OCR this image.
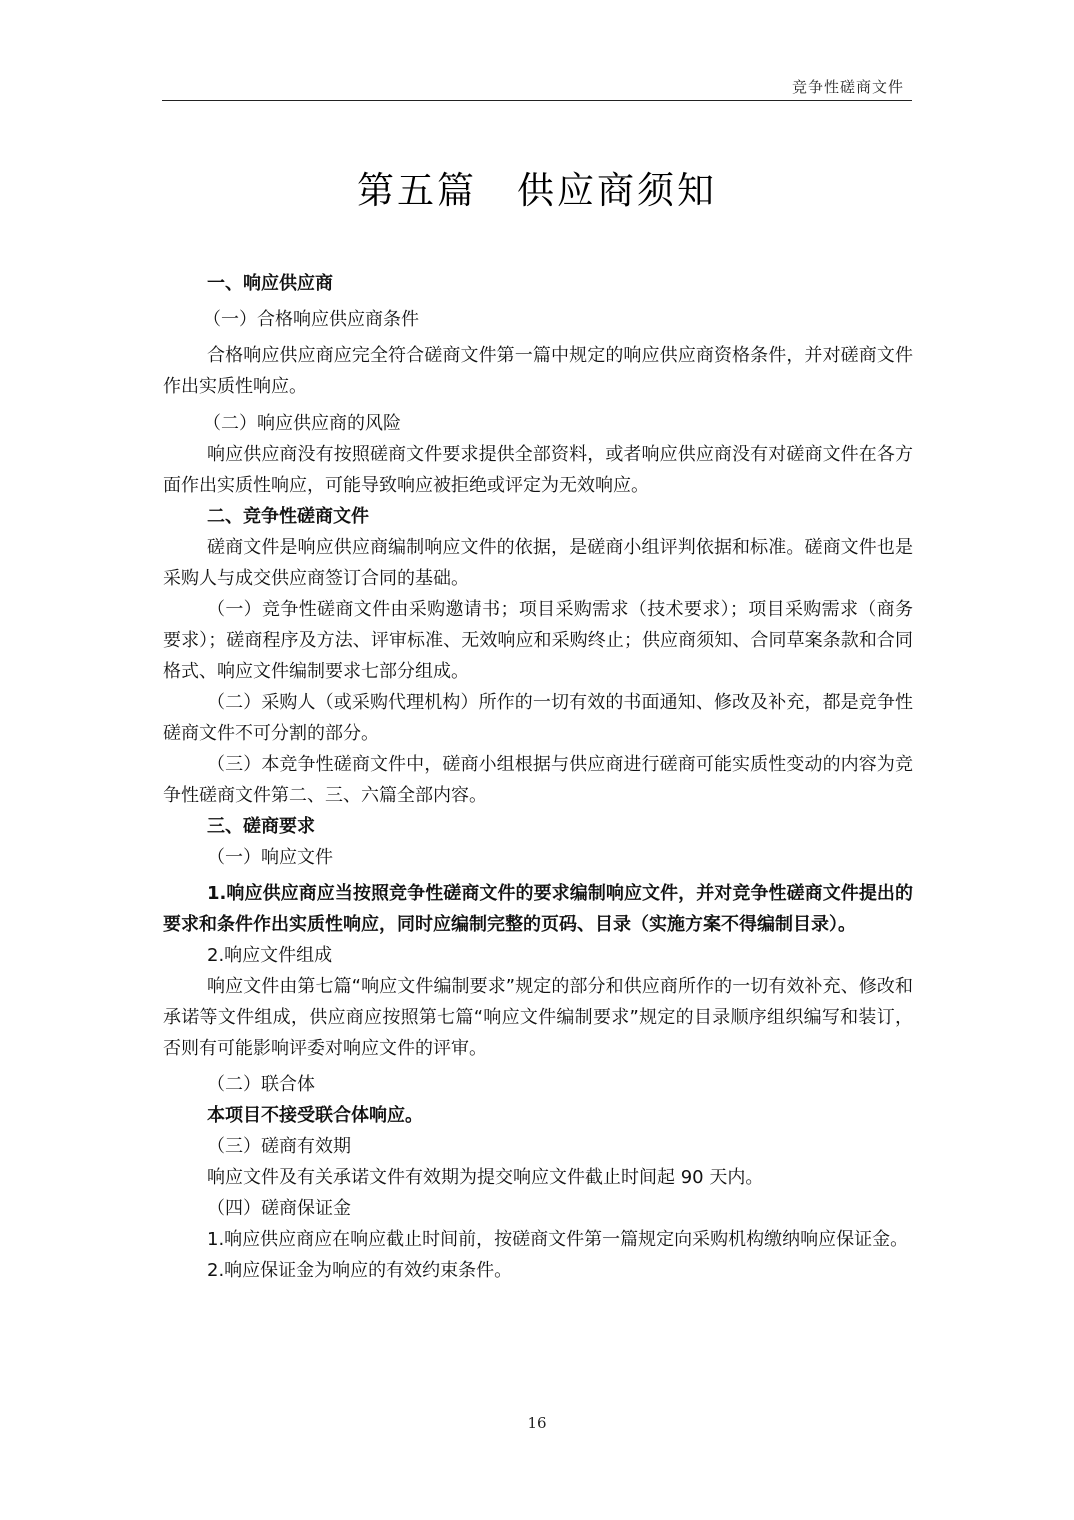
竞争性磋商文件
第五篇　供应商须知

一、响应供应商

（一）合格响应供应商条件

合格响应供应商应完全符合磋商文件第一篇中规定的响应供应商资格条件，并对磋商文件作出实质性响应。

（二）响应供应商的风险

响应供应商没有按照磋商文件要求提供全部资料，或者响应供应商没有对磋商文件在各方面作出实质性响应，可能导致响应被拒绝或评定为无效响应。

二、竞争性磋商文件

磋商文件是响应供应商编制响应文件的依据，是磋商小组评判依据和标准。磋商文件也是采购人与成交供应商签订合同的基础。

（一）竞争性磋商文件由采购邀请书；项目采购需求（技术要求）；项目采购需求（商务要求）；磋商程序及方法、评审标准、无效响应和采购终止；供应商须知、合同草案条款和合同格式、响应文件编制要求七部分组成。

（二）采购人（或采购代理机构）所作的一切有效的书面通知、修改及补充，都是竞争性磋商文件不可分割的部分。

（三）本竞争性磋商文件中，磋商小组根据与供应商进行磋商可能实质性变动的内容为竞争性磋商文件第二、三、六篇全部内容。

三、磋商要求

（一）响应文件

1.响应供应商应当按照竞争性磋商文件的要求编制响应文件，并对竞争性磋商文件提出的要求和条件作出实质性响应，同时应编制完整的页码、目录（实施方案不得编制目录）。

2.响应文件组成

响应文件由第七篇“响应文件编制要求”规定的部分和供应商所作的一切有效补充、修改和承诺等文件组成，供应商应按照第七篇“响应文件编制要求”规定的目录顺序组织编写和装订，否则有可能影响评委对响应文件的评审。

（二）联合体

本项目不接受联合体响应。

（三）磋商有效期

响应文件及有关承诺文件有效期为提交响应文件截止时间起 90 天内。

（四）磋商保证金

1.响应供应商应在响应截止时间前，按磋商文件第一篇规定向采购机构缴纳响应保证金。

2.响应保证金为响应的有效约束条件。

16
